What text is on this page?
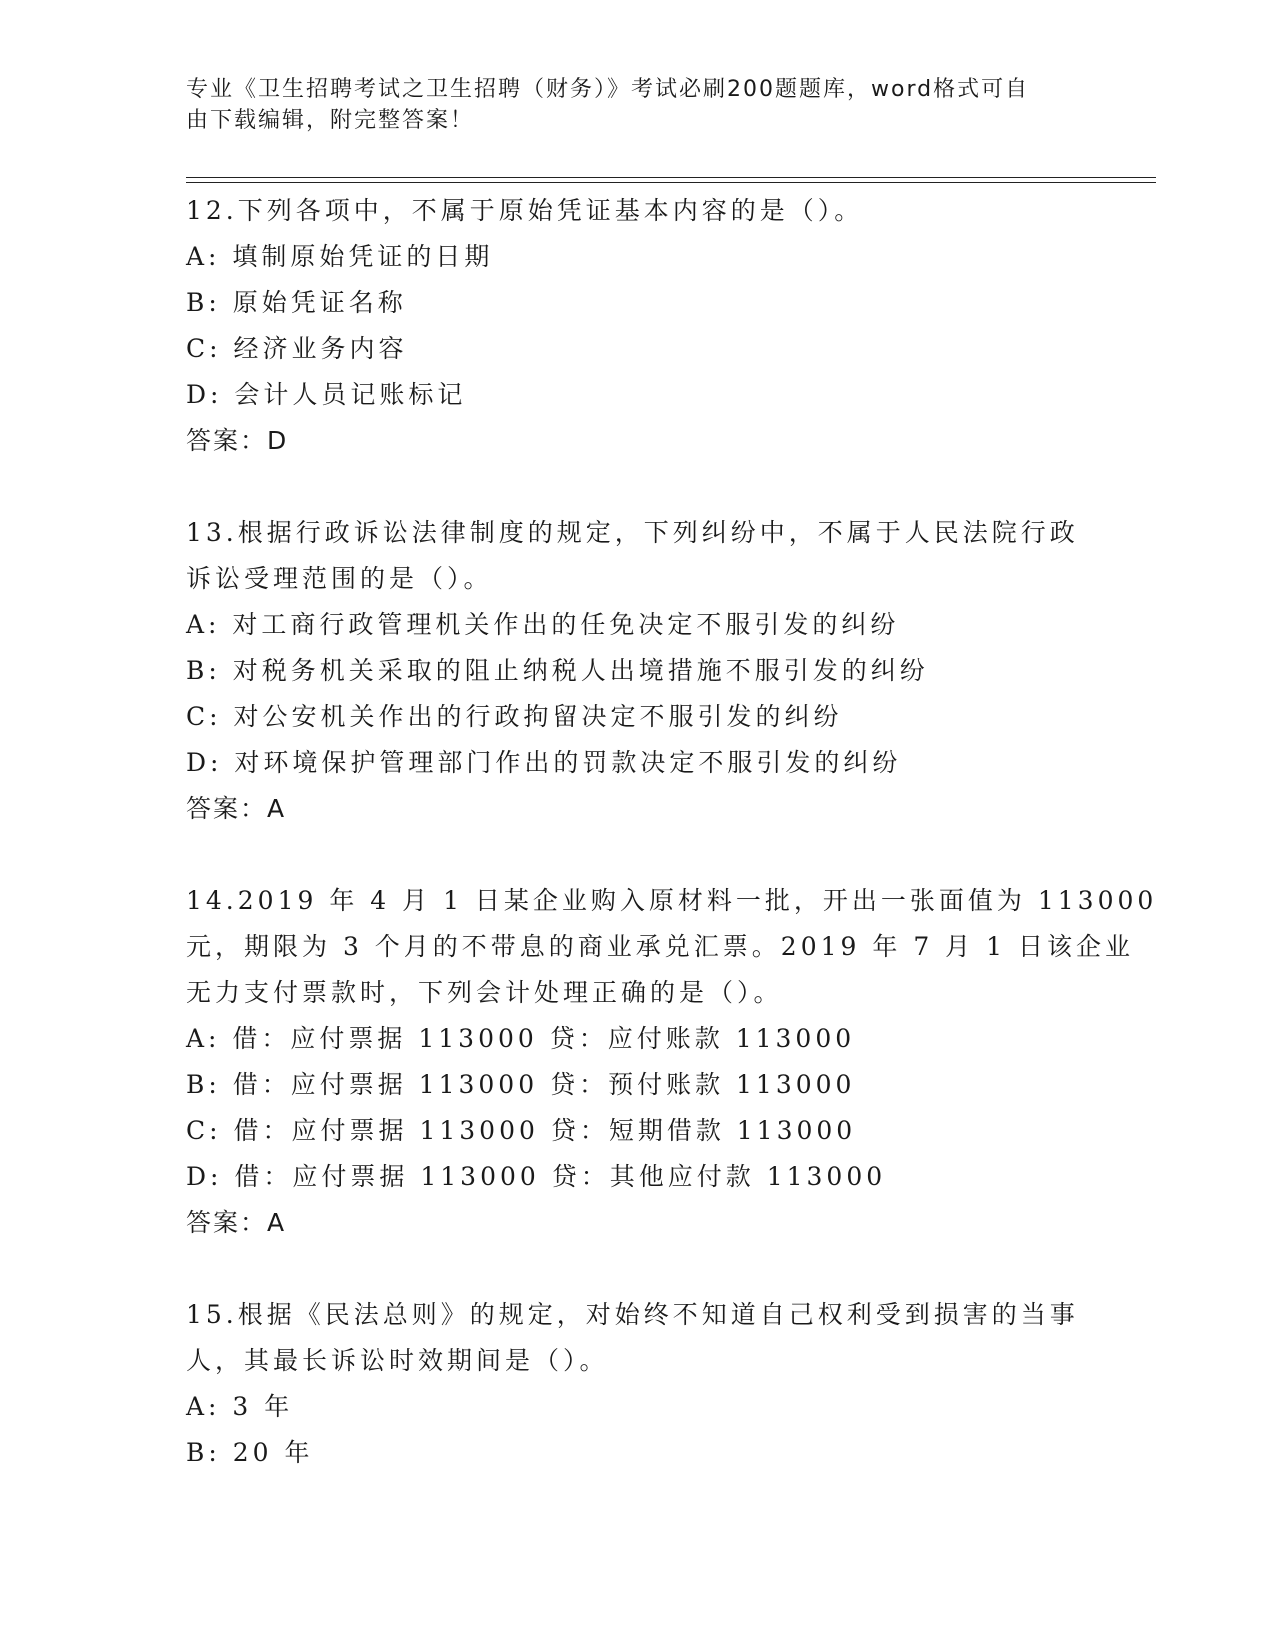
专业《卫生招聘考试之卫生招聘（财务）》考试必刷200题题库，word格式可自
由下载编辑，附完整答案！
12.下列各项中，不属于原始凭证基本内容的是（）。
A: 填制原始凭证的日期
B: 原始凭证名称
C: 经济业务内容
D: 会计人员记账标记
答案：D
13.根据行政诉讼法律制度的规定，下列纠纷中，不属于人民法院行政
诉讼受理范围的是（）。
A: 对工商行政管理机关作出的任免决定不服引发的纠纷
B: 对税务机关采取的阻止纳税人出境措施不服引发的纠纷
C: 对公安机关作出的行政拘留决定不服引发的纠纷
D: 对环境保护管理部门作出的罚款决定不服引发的纠纷
答案：A
14.2019 年 4 月 1 日某企业购入原材料一批，开出一张面值为 113000
元，期限为 3 个月的不带息的商业承兑汇票。2019 年 7 月 1 日该企业
无力支付票款时，下列会计处理正确的是（）。
A: 借：应付票据 113000 贷：应付账款 113000
B: 借：应付票据 113000 贷：预付账款 113000
C: 借：应付票据 113000 贷：短期借款 113000
D: 借：应付票据 113000 贷：其他应付款 113000
答案：A
15.根据《民法总则》的规定，对始终不知道自己权利受到损害的当事
人，其最长诉讼时效期间是（）。
A: 3 年
B: 20 年
